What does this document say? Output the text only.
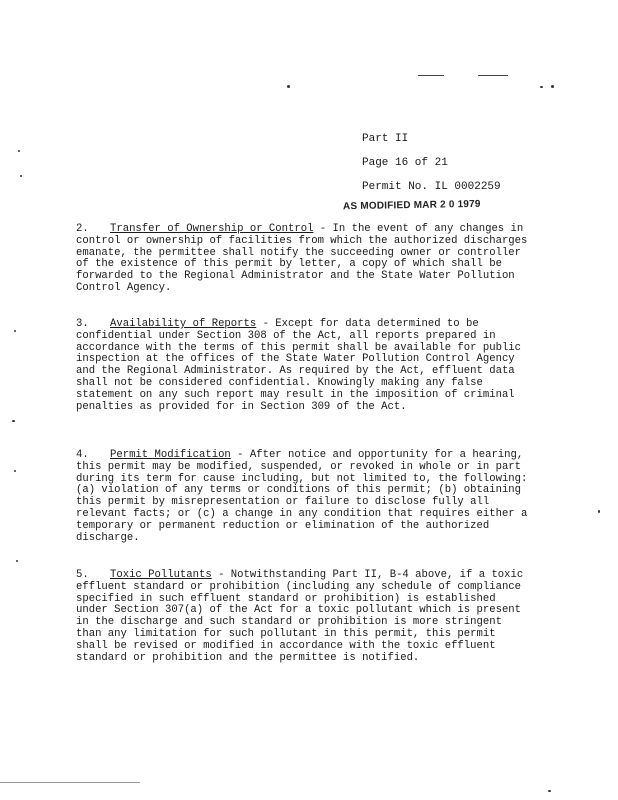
Part II
Page 16 of 21
Permit No. IL 0002259
AS MODIFIED MAR 2 0 1979
2. Transfer of Ownership or Control - In the event of any changes in control or ownership of facilities from which the authorized discharges emanate, the permittee shall notify the succeeding owner or controller of the existence of this permit by letter, a copy of which shall be forwarded to the Regional Administrator and the State Water Pollution Control Agency.
3. Availability of Reports - Except for data determined to be confidential under Section 308 of the Act, all reports prepared in accordance with the terms of this permit shall be available for public inspection at the offices of the State Water Pollution Control Agency and the Regional Administrator. As required by the Act, effluent data shall not be considered confidential. Knowingly making any false statement on any such report may result in the imposition of criminal penalties as provided for in Section 309 of the Act.
4. Permit Modification - After notice and opportunity for a hearing, this permit may be modified, suspended, or revoked in whole or in part during its term for cause including, but not limited to, the following: (a) violation of any terms or conditions of this permit; (b) obtaining this permit by misrepresentation or failure to disclose fully all relevant facts; or (c) a change in any condition that requires either a temporary or permanent reduction or elimination of the authorized discharge.
5. Toxic Pollutants - Notwithstanding Part II, B-4 above, if a toxic effluent standard or prohibition (including any schedule of compliance specified in such effluent standard or prohibition) is established under Section 307(a) of the Act for a toxic pollutant which is present in the discharge and such standard or prohibition is more stringent than any limitation for such pollutant in this permit, this permit shall be revised or modified in accordance with the toxic effluent standard or prohibition and the permittee is notified.
